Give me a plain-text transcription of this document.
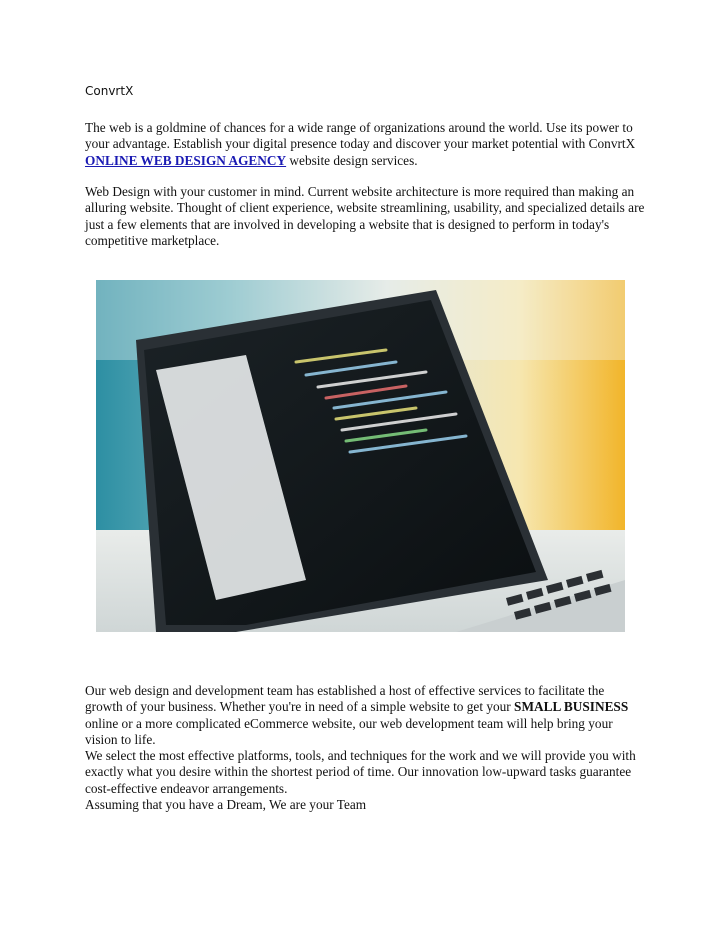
ConvrtX
The web is a goldmine of chances for a wide range of organizations around the world. Use its power to your advantage. Establish your digital presence today and discover your market potential with ConvrtX ONLINE WEB DESIGN AGENCY website design services.
Web Design with your customer in mind. Current website architecture is more required than making an alluring website. Thought of client experience, website streamlining, usability, and specialized details are just a few elements that are involved in developing a website that is designed to perform in today's competitive marketplace.
Our web design and development team has established a host of effective services to facilitate the growth of your business. Whether you're in need of a simple website to get your SMALL BUSINESS online or a more complicated eCommerce website, our web development team will help bring your vision to life.
We select the most effective platforms, tools, and techniques for the work and we will provide you with exactly what you desire within the shortest period of time. Our innovation low-upward tasks guarantee cost-effective endeavor arrangements.
Assuming that you have a Dream, We are your Team
